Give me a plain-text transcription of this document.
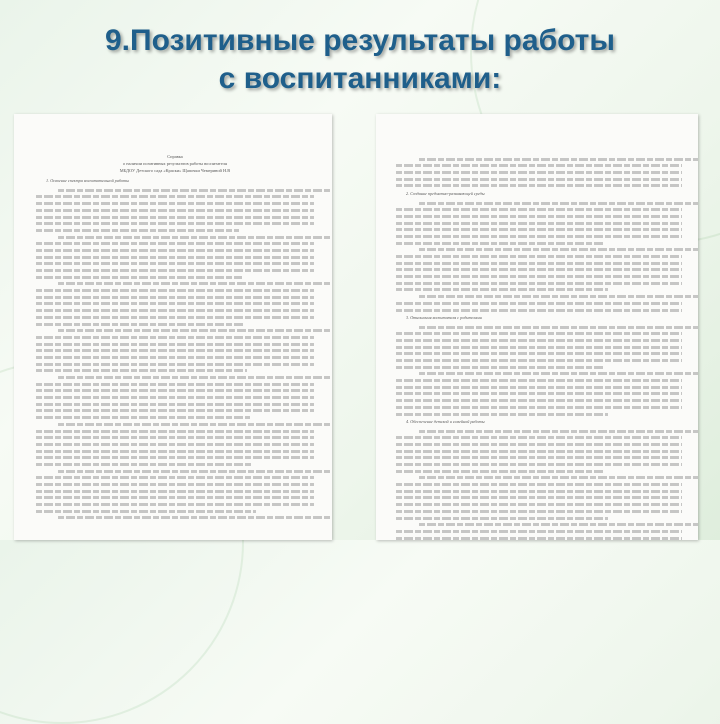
9.Позитивные результаты работы
с воспитанниками:
Справка
о наличии позитивных результатов работы воспитателя
МБДОУ Детского сада «Краски» Щапочки Чемериной Н.В
1. Освоение спектра воспитательной работы
2. Создание предметно-развивающей среды
3. Отношения воспитателя с родителями
4. Обеспечение детской и семейной работы
